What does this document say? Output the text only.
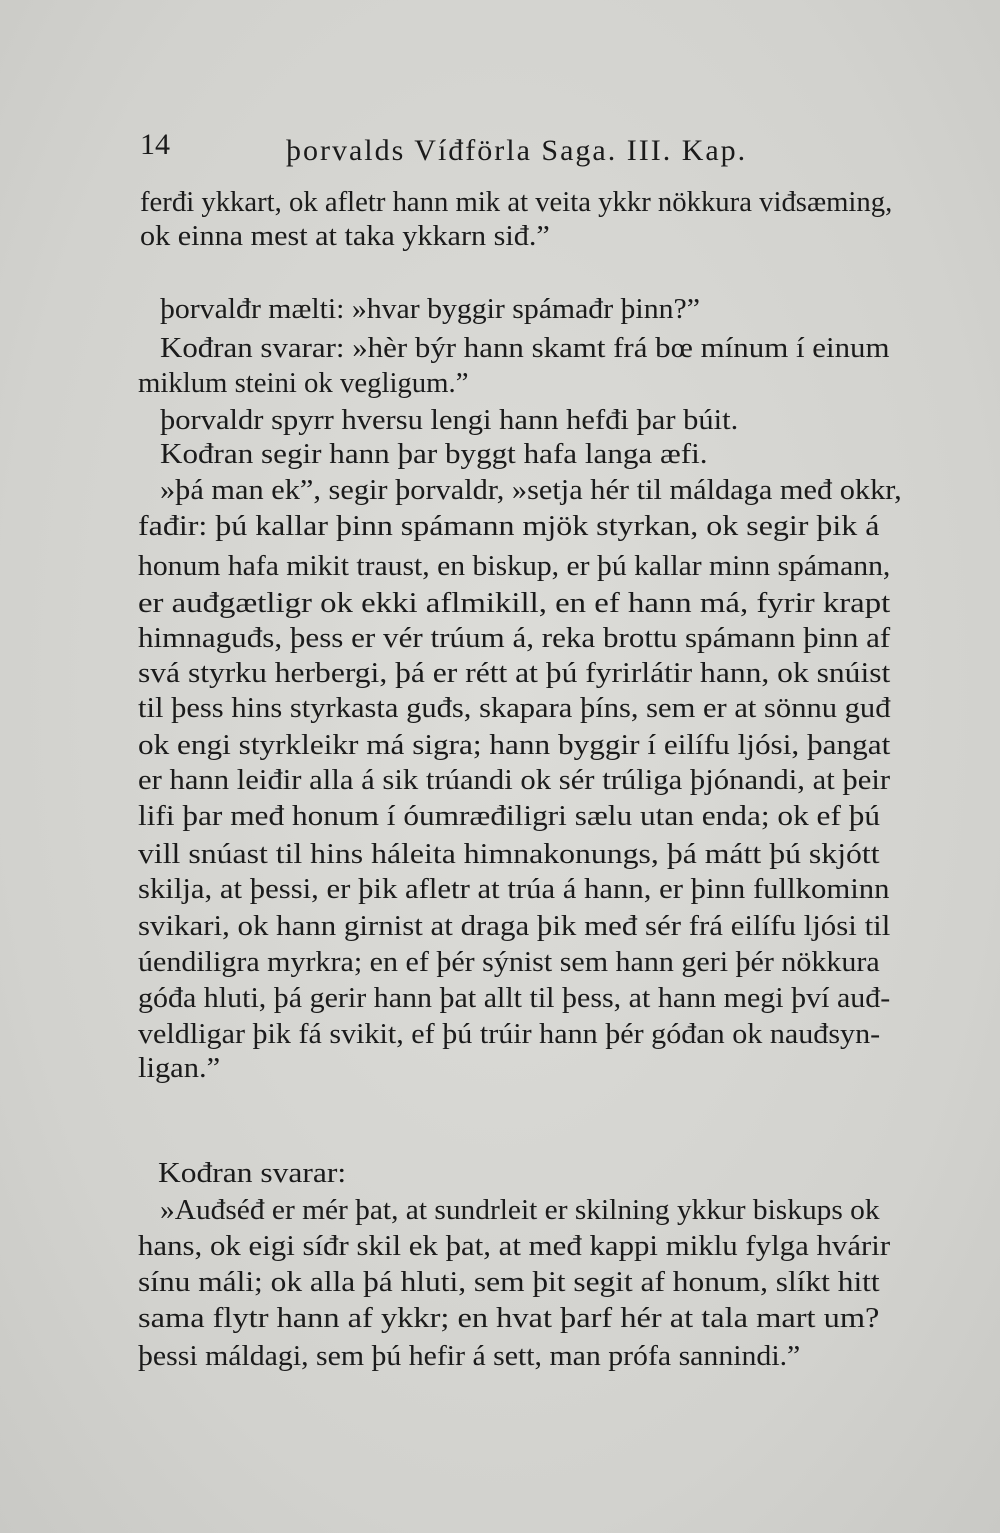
14	þorvalds Víđförla Saga. III. Kap.
ferđi ykkart, ok afletr hann mik at veita ykkr nökkura viđsæming,
ok einna mest at taka ykkarn siđ.”
þorvalđr mælti: »hvar byggir spámađr þinn?”
Kođran svarar: »hèr býr hann skamt frá bœ mínum í einum
miklum steini ok vegligum.”
þorvaldr spyrr hversu lengi hann hefđi þar búit.
Kođran segir hann þar byggt hafa langa æfi.
»þá man ek”, segir þorvaldr, »setja hér til máldaga međ okkr,
fađir: þú kallar þinn spámann mjök styrkan, ok segir þik á
honum hafa mikit traust, en biskup, er þú kallar minn spámann,
er auđgætligr ok ekki aflmikill, en ef hann má, fyrir krapt
himnaguđs, þess er vér trúum á, reka brottu spámann þinn af
svá styrku herbergi, þá er rétt at þú fyrirlátir hann, ok snúist
til þess hins styrkasta guđs, skapara þíns, sem er at sönnu guđ
ok engi styrkleikr má sigra; hann byggir í eilífu ljósi, þangat
er hann leiđir alla á sik trúandi ok sér trúliga þjónandi, at þeir
lifi þar međ honum í óumræđiligri sælu utan enda; ok ef þú
vill snúast til hins háleita himnakonungs, þá mátt þú skjótt
skilja, at þessi, er þik afletr at trúa á hann, er þinn fullkominn
svikari, ok hann girnist at draga þik međ sér frá eilífu ljósi til
úendiligra myrkra; en ef þér sýnist sem hann geri þér nökkura
góđa hluti, þá gerir hann þat allt til þess, at hann megi því auđ-
veldligar þik fá svikit, ef þú trúir hann þér góđan ok nauđsyn-
ligan.”
Kođran svarar:
»Auđséđ er mér þat, at sundrleit er skilning ykkur biskups ok
hans, ok eigi síđr skil ek þat, at međ kappi miklu fylga hvárir
sínu máli; ok alla þá hluti, sem þit segit af honum, slíkt hitt
sama flytr hann af ykkr; en hvat þarf hér at tala mart um?
þessi máldagi, sem þú hefir á sett, man prófa sannindi.”
